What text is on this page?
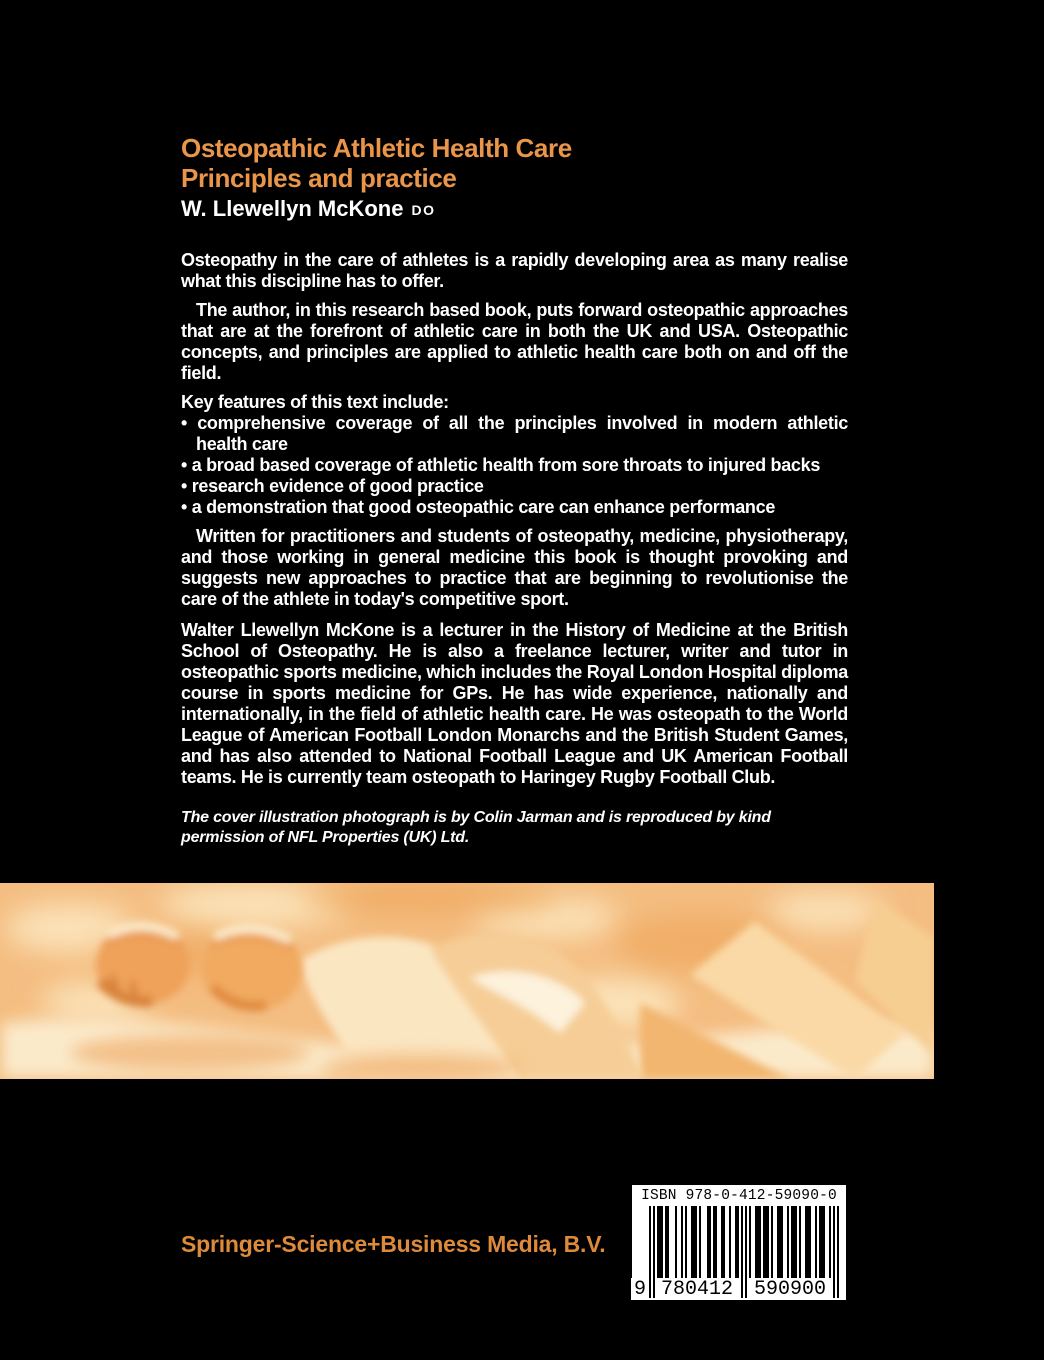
Osteopathic Athletic Health Care
Principles and practice

W. Llewellyn McKone DO

Osteopathy in the care of athletes is a rapidly developing area as many realise what this discipline has to offer.

The author, in this research based book, puts forward osteopathic approaches that are at the forefront of athletic care in both the UK and USA. Osteopathic concepts, and principles are applied to athletic health care both on and off the field.

Key features of this text include:

• comprehensive coverage of all the principles involved in modern athletic health care
• a broad based coverage of athletic health from sore throats to injured backs
• research evidence of good practice
• a demonstration that good osteopathic care can enhance performance

Written for practitioners and students of osteopathy, medicine, physiotherapy, and those working in general medicine this book is thought provoking and suggests new approaches to practice that are beginning to revolutionise the care of the athlete in today's competitive sport.

Walter Llewellyn McKone is a lecturer in the History of Medicine at the British School of Osteopathy. He is also a freelance lecturer, writer and tutor in osteopathic sports medicine, which includes the Royal London Hospital diploma course in sports medicine for GPs. He has wide experience, nationally and internationally, in the field of athletic health care. He was osteopath to the World League of American Football London Monarchs and the British Student Games, and has also attended to National Football League and UK American Football teams. He is currently team osteopath to Haringey Rugby Football Club.

The cover illustration photograph is by Colin Jarman and is reproduced by kind permission of NFL Properties (UK) Ltd.

ISBN 978-0-412-59090-0
9 780412	590900

Springer-Science+Business Media, B.V.
